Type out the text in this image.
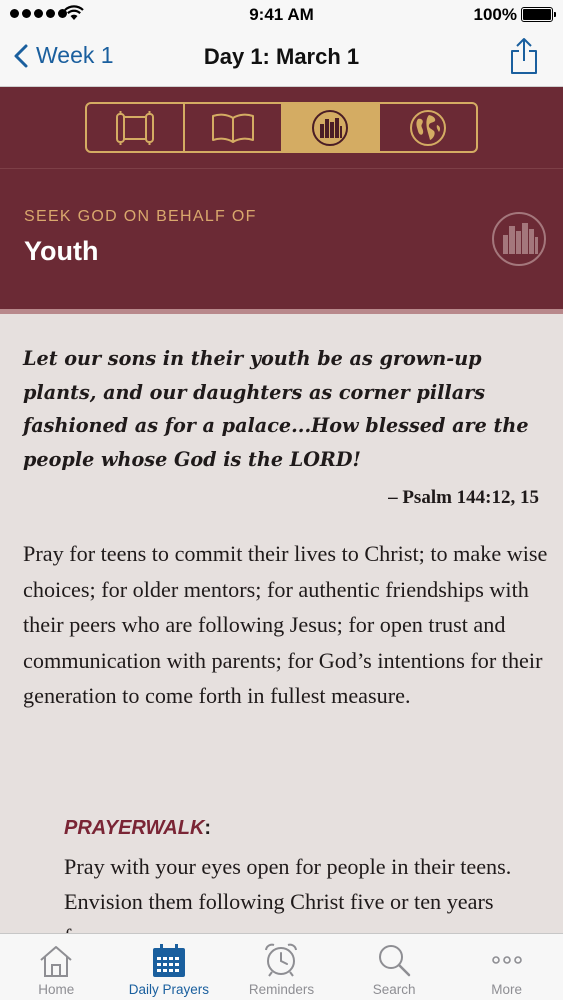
9:41 AM	100%
Week 1	Day 1: March 1
SEEK GOD ON BEHALF OF
Youth
Let our sons in their youth be as grown-up plants, and our daughters as corner pillars fashioned as for a palace...How blessed are the people whose God is the LORD!
– Psalm 144:12, 15
Pray for teens to commit their lives to Christ; to make wise choices; for older mentors; for authentic friendships with their peers who are following Jesus; for open trust and communication with parents; for God’s intentions for their generation to come forth in fullest measure.
PRAYERWALK:
Pray with your eyes open for people in their teens. Envision them following Christ five or ten years
Home	Daily Prayers	Reminders	Search	More
